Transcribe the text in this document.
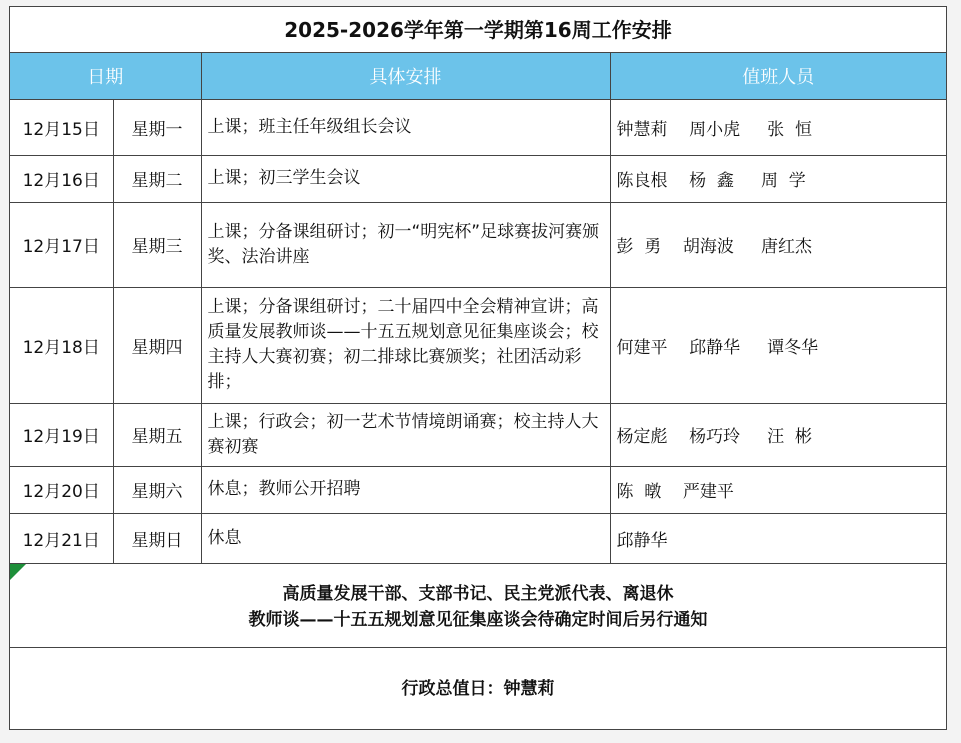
2025-2026学年第一学期第16周工作安排
日期		具体安排	值班人员
12月15日	星期一	上课；班主任年级组长会议	钟慧莉    周小虎     张  恒
12月16日	星期二	上课；初三学生会议	陈良根    杨  鑫     周  学
12月17日	星期三	上课；分备课组研讨；初一“明宪杯”足球赛拔河赛颁奖、法治讲座	彭  勇    胡海波     唐红杰
12月18日	星期四	上课；分备课组研讨；二十届四中全会精神宣讲；高质量发展教师谈——十五五规划意见征集座谈会；校主持人大赛初赛；初二排球比赛颁奖；社团活动彩排；	何建平    邱静华     谭冬华
12月19日	星期五	上课；行政会；初一艺术节情境朗诵赛；校主持人大赛初赛	杨定彪    杨巧玲     汪  彬
12月20日	星期六	休息；教师公开招聘	陈  暾    严建平
12月21日	星期日	休息	邱静华
高质量发展干部、支部书记、民主党派代表、离退休
教师谈——十五五规划意见征集座谈会待确定时间后另行通知
行政总值日：钟慧莉
